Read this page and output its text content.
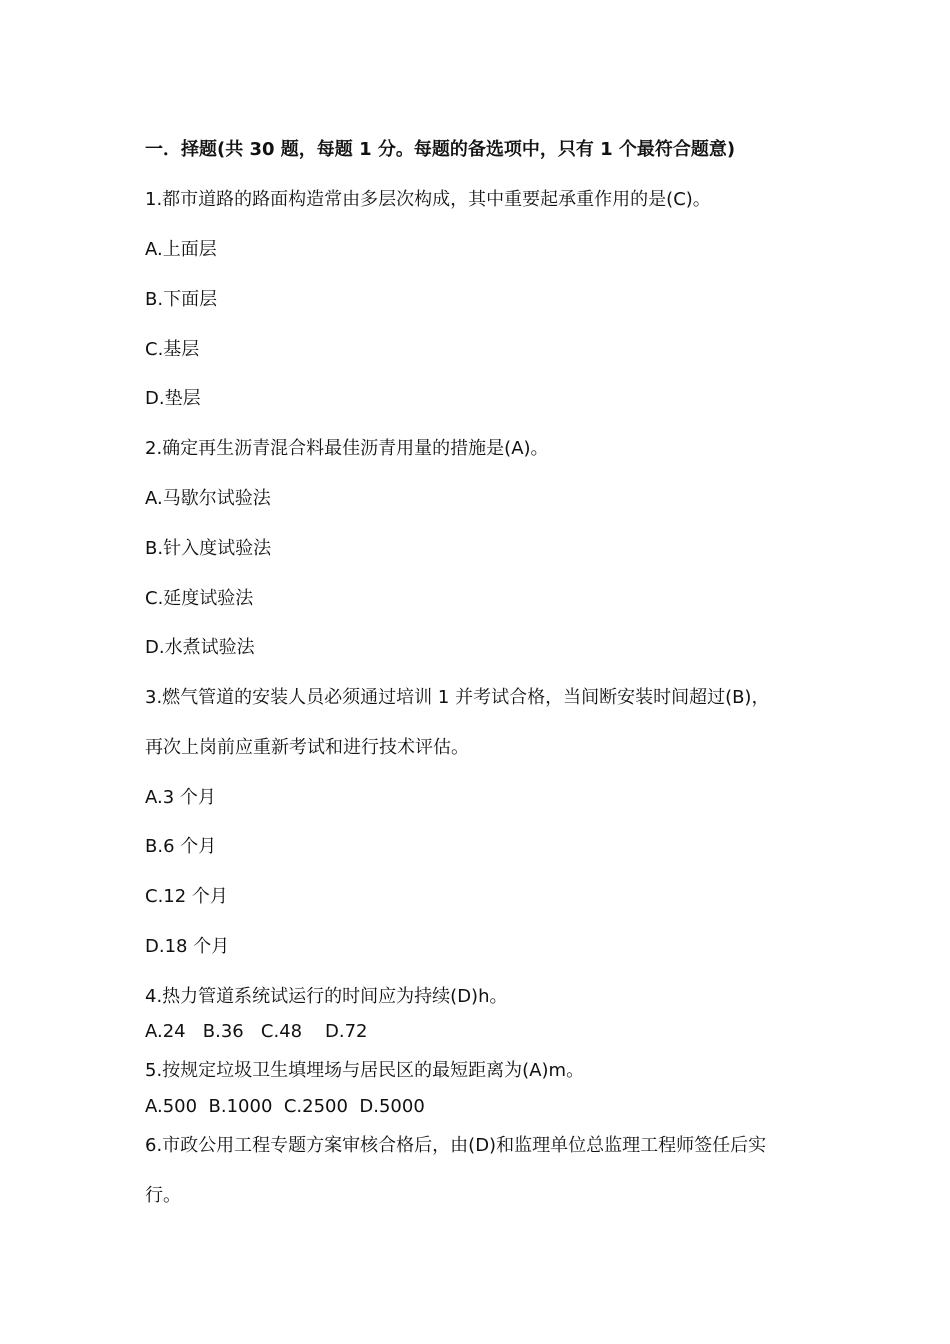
一．择题(共 30 题，每题 1 分。每题的备选项中，只有 1 个最符合题意)

1.都市道路的路面构造常由多层次构成，其中重要起承重作用的是(C)。

A.上面层

B.下面层

C.基层

D.垫层

2.确定再生沥青混合料最佳沥青用量的措施是(A)。

A.马歇尔试验法

B.针入度试验法

C.延度试验法

D.水煮试验法

3.燃气管道的安装人员必须通过培训 1 并考试合格，当间断安装时间超过(B)，

再次上岗前应重新考试和进行技术评估。

A.3 个月

B.6 个月

C.12 个月

D.18 个月

4.热力管道系统试运行的时间应为持续(D)h。

A.24   B.36   C.48    D.72

5.按规定垃圾卫生填埋场与居民区的最短距离为(A)m。

A.500  B.1000  C.2500  D.5000

6.市政公用工程专题方案审核合格后，由(D)和监理单位总监理工程师签任后实

行。
